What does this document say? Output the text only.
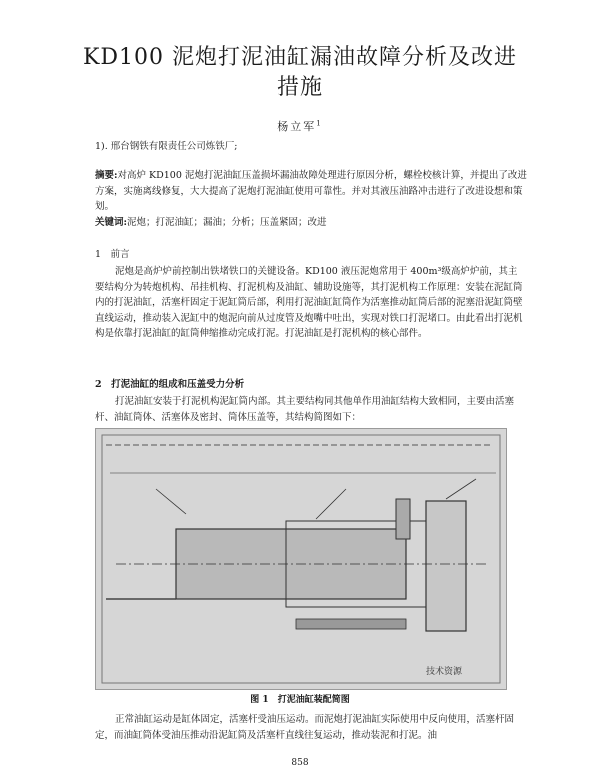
KD100 泥炮打泥油缸漏油故障分析及改进
措施
杨立军$^1$
1). 邢台钢铁有限责任公司炼铁厂;
摘要:对高炉 KD100 泥炮打泥油缸压盖损坏漏油故障处理进行原因分析，螺栓校核计算，并提出了改进方案，实施离线修复，大大提高了泥炮打泥油缸使用可靠性。并对其液压油路冲击进行了改进设想和策划。
关键词:泥炮；打泥油缸；漏油；分析；压盖紧固；改进
1　前言
泥炮是高炉炉前控制出铁堵铁口的关键设备。KD100 液压泥炮常用于 400m³级高炉炉前，其主要结构分为转炮机构、吊挂机构、打泥机构及油缸、辅助设施等，其打泥机构工作原理：安装在泥缸筒内的打泥油缸，活塞杆固定于泥缸筒后部，利用打泥油缸缸筒作为活塞推动缸筒后部的泥塞沿泥缸筒壁直线运动，推动装入泥缸中的炮泥向前从过度管及炮嘴中吐出，实现对铁口打泥堵口。由此看出打泥机构是依靠打泥油缸的缸筒伸缩推动完成打泥。打泥油缸是打泥机构的核心部件。
2　打泥油缸的组成和压盖受力分析
打泥油缸安装于打泥机构泥缸筒内部。其主要结构同其他单作用油缸结构大致相同，主要由活塞杆、油缸筒体、活塞体及密封、筒体压盖等，其结构简图如下：
技术资源
图 1　打泥油缸装配简图
正常油缸运动是缸体固定，活塞杆受油压运动。而泥炮打泥油缸实际使用中反向使用，活塞杆固定，而油缸筒体受油压推动沿泥缸筒及活塞杆直线往复运动，推动装泥和打泥。油
858
